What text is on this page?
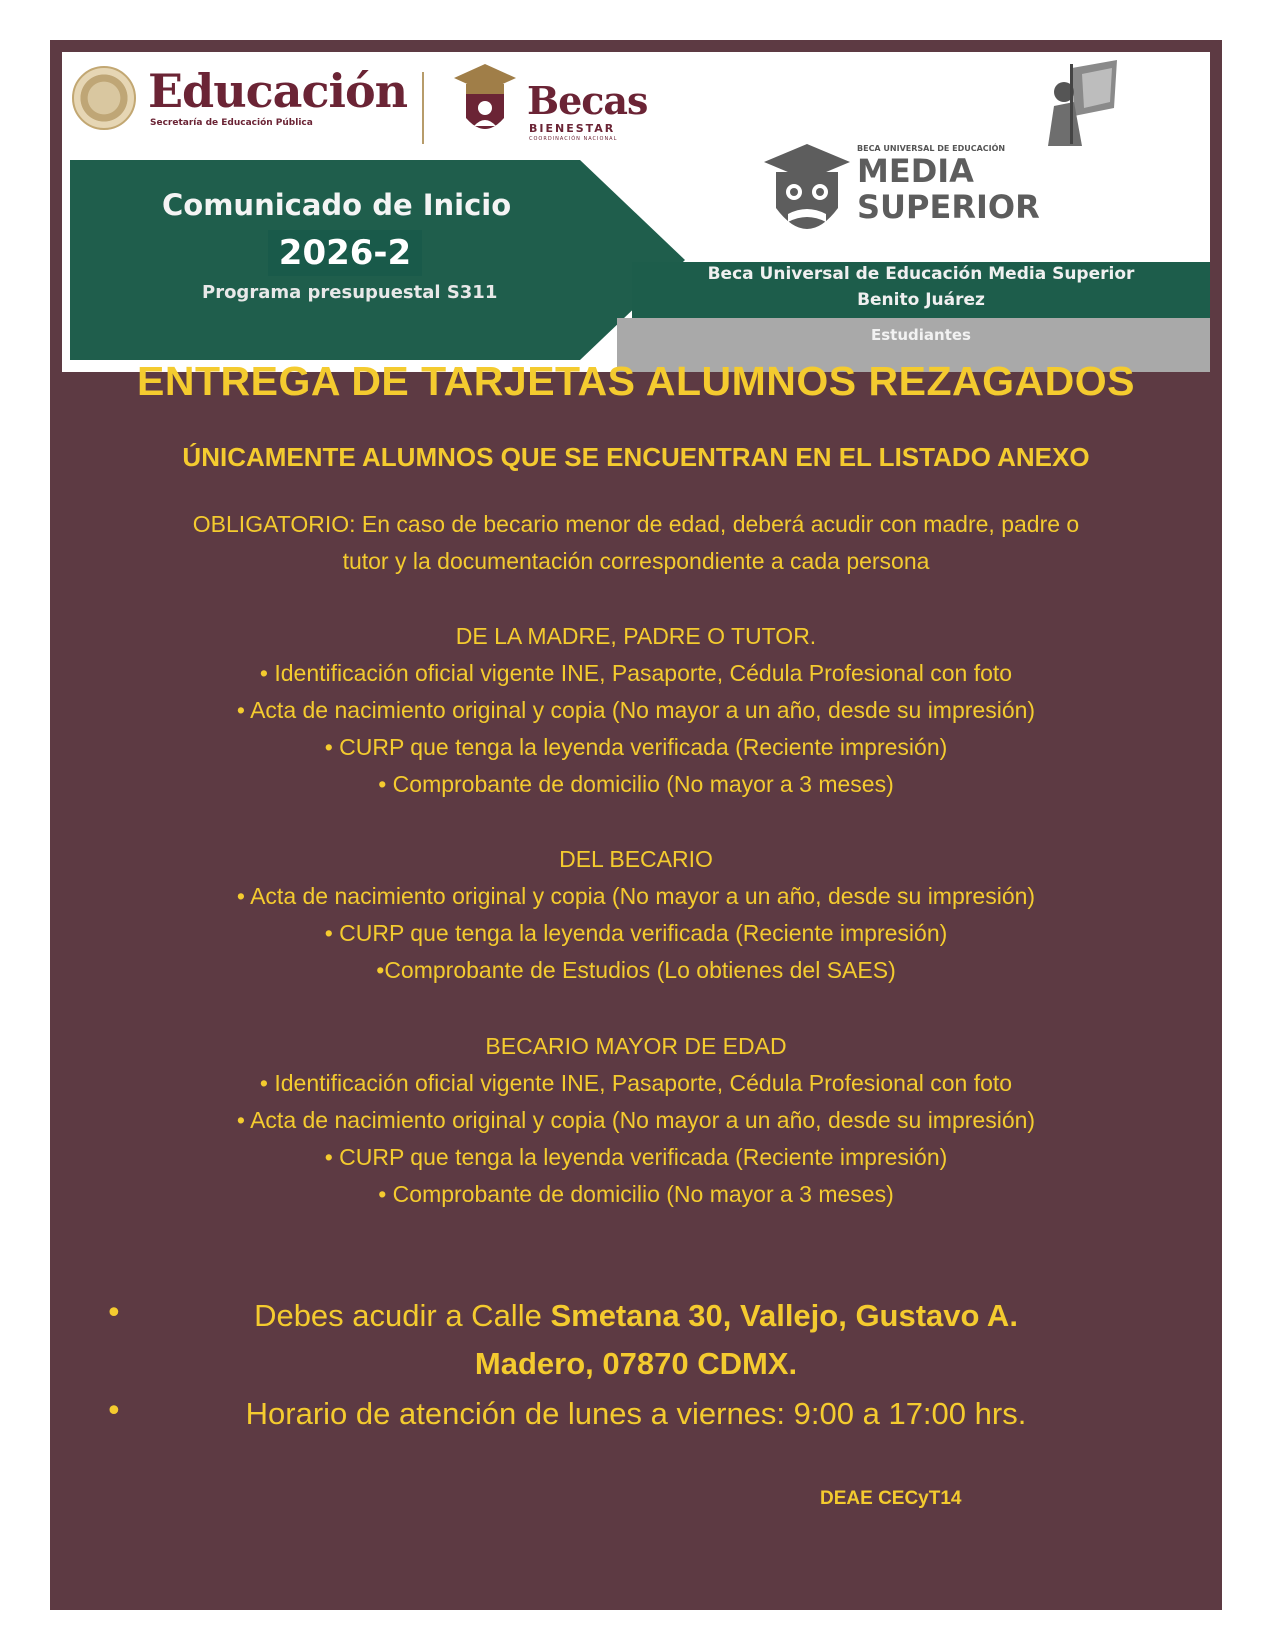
Educación
Secretaría de Educación Pública	Becas
BIENESTAR
COORDINACIÓN NACIONAL
Comunicado de Inicio
2026-2
Programa presupuestal S311
BECA UNIVERSAL DE EDUCACIÓN
MEDIA
SUPERIOR
Beca Universal de Educación Media Superior
Benito Juárez
Estudiantes
ENTREGA DE TARJETAS ALUMNOS REZAGADOS
ÚNICAMENTE ALUMNOS QUE SE ENCUENTRAN EN EL LISTADO ANEXO
OBLIGATORIO: En caso de becario menor de edad, deberá acudir con madre, padre o
tutor y la documentación correspondiente a cada persona
DE LA MADRE, PADRE O TUTOR.
• Identificación oficial vigente INE, Pasaporte, Cédula Profesional con foto
• Acta de nacimiento original y copia (No mayor a un año, desde su impresión)
• CURP que tenga la leyenda verificada (Reciente impresión)
• Comprobante de domicilio (No mayor a 3 meses)
DEL BECARIO
• Acta de nacimiento original y copia (No mayor a un año, desde su impresión)
• CURP que tenga la leyenda verificada (Reciente impresión)
•Comprobante de Estudios (Lo obtienes del SAES)
BECARIO MAYOR DE EDAD
• Identificación oficial vigente INE, Pasaporte, Cédula Profesional con foto
• Acta de nacimiento original y copia (No mayor a un año, desde su impresión)
• CURP que tenga la leyenda verificada (Reciente impresión)
• Comprobante de domicilio (No mayor a 3 meses)
•	Debes acudir a Calle Smetana 30, Vallejo, Gustavo A.
Madero, 07870 CDMX.
•	Horario de atención de lunes a viernes: 9:00 a 17:00 hrs.
DEAE CECyT14
